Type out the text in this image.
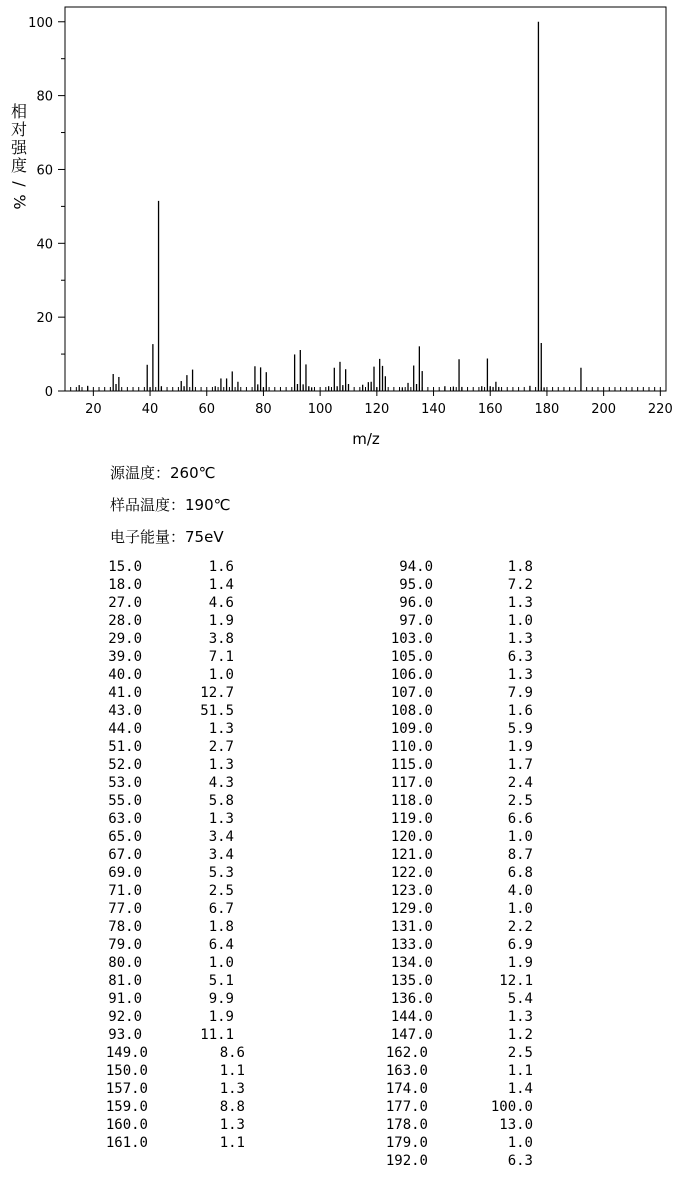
20	40	60	80	100 120 140 160 180 200 220
0
20
40
60
80
100
m/z
相
对
强
度
/
%
源温度：260℃
样品温度：190℃
电子能量：75eV
15.0	1.6
18.0	1.4
27.0	4.6
28.0	1.9
29.0	3.8
39.0	7.1
40.0	1.0
41.0	12.7
43.0	51.5
44.0	1.3
51.0	2.7
52.0	1.3
53.0	4.3
55.0	5.8
63.0	1.3
65.0	3.4
67.0	3.4
69.0	5.3
71.0	2.5
77.0	6.7
78.0	1.8
79.0	6.4
80.0	1.0
81.0	5.1
91.0	9.9
92.0	1.9
93.0	11.1
149.0	8.6
150.0	1.1
157.0	1.3
159.0	8.8
160.0	1.3
161.0	1.1
94.0	1.8
95.0	7.2
96.0	1.3
97.0	1.0
103.0	1.3
105.0	6.3
106.0	1.3
107.0	7.9
108.0	1.6
109.0	5.9
110.0	1.9
115.0	1.7
117.0	2.4
118.0	2.5
119.0	6.6
120.0	1.0
121.0	8.7
122.0	6.8
123.0	4.0
129.0	1.0
131.0	2.2
133.0	6.9
134.0	1.9
135.0	12.1
136.0	5.4
144.0	1.3
147.0	1.2
162.0	2.5
163.0	1.1
174.0	1.4
177.0	100.0
178.0	13.0
179.0	1.0
192.0	6.3
